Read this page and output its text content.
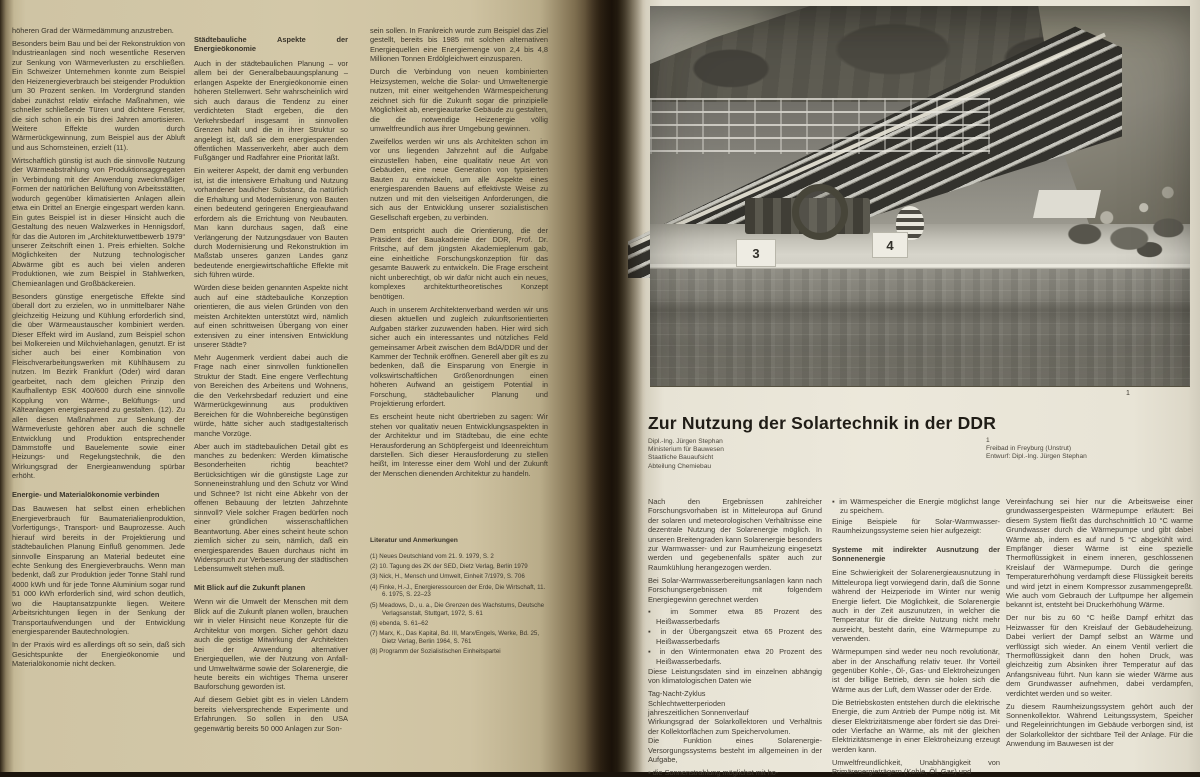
höheren Grad der Wärmedämmung anzustreben.

Besonders beim Bau und bei der Rekonstruktion von Industrieanlagen sind noch wesentliche Reserven zur Senkung von Wärmeverlusten zu erschließen. Ein Schweizer Unternehmen konnte zum Beispiel den Heizenergieverbrauch bei steigender Produktion um 30 Prozent senken. Im Vordergrund standen dabei zunächst relativ einfache Maßnahmen, wie schneller schließende Türen und dichtere Fenster, die sich schon in ein bis drei Jahren amortisieren. Weitere Effekte wurden durch Wärmerückgewinnung, zum Beispiel aus der Abluft und aus Schornsteinen, erzielt (11).

Wirtschaftlich günstig ist auch die sinnvolle Nutzung der Wärmeabstrahlung von Produktionsaggregaten in Verbindung mit der Anwendung zweckmäßiger Formen der natürlichen Belüftung von Arbeitsstätten, wodurch gegenüber klimatisierten Anlagen allein etwa ein Drittel an Energie eingespart werden kann. Ein gutes Beispiel ist in dieser Hinsicht auch die Gestaltung des neuen Walzwerkes in Hennigsdorf, für das die Autoren im „Architekturwettbewerb 1979“ unserer Zeitschrift einen 1. Preis erhielten. Solche Möglichkeiten der Nutzung technologischer Abwärme gibt es auch bei vielen anderen Produktionen, wie zum Beispiel in Stahlwerken, Chemieanlagen und Großbäckereien.

Besonders günstige energetische Effekte sind überall dort zu erzielen, wo in unmittelbarer Nähe gleichzeitig Heizung und Kühlung erforderlich sind, die über Wärmeaustauscher kombiniert werden. Dieser Effekt wird im Ausland, zum Beispiel schon bei Molkereien und Milchviehanlagen, genutzt. Er ist sicher auch bei einer Kombination von Fleischverarbeitungswerken mit Kühlhäusern zu nutzen. Im Bezirk Frankfurt (Oder) wird daran gearbeitet, nach dem gleichen Prinzip den Kaufhallentyp ESK 400/600 durch eine sinnvolle Kopplung von Wärme-, Belüftungs- und Kälteanlagen energiesparend zu gestalten. (12). Zu allen diesen Maßnahmen zur Senkung der Wärmeverluste gehören aber auch die schnelle Entwicklung und Produktion entsprechender Dämmstoffe und Bauelemente sowie einer Heizungs- und Regelungstechnik, die den Wirkungsgrad der Energieanwendung spürbar erhöht.

Energie- und Materialökonomie verbinden

Das Bauwesen hat selbst einen erheblichen Energieverbrauch für Baumaterialienproduktion, Vorfertigungs-, Transport- und Bauprozesse. Auch hierauf wird bereits in der Projektierung und städtebaulichen Planung Einfluß genommen. Jede sinnvolle Einsparung an Material bedeutet eine echte Senkung des Energieverbrauchs. Wenn man bedenkt, daß zur Produktion jeder Tonne Stahl rund 4000 kWh und für jede Tonne Aluminium sogar rund 51 000 kWh erforderlich sind, wird schon deutlich, wo die Hauptansatzpunkte liegen. Weitere Arbeitsrichtungen liegen in der Senkung der Transportaufwendungen und der Entwicklung energiesparender Bautechnologien.

In der Praxis wird es allerdings oft so sein, daß sich Gesichtspunkte der Energieökonomie und Materialökonomie nicht decken.

Städtebauliche Aspekte der Energieökonomie

Auch in der städtebaulichen Planung – vor allem bei der Generalbebauungsplanung – erlangen Aspekte der Energieökonomie einen höheren Stellenwert. Sehr wahrscheinlich wird sich auch daraus die Tendenz zu einer verdichteten Stadt ergeben, die den Verkehrsbedarf insgesamt in sinnvollen Grenzen hält und die in ihrer Struktur so angelegt ist, daß sie dem energiesparenden öffentlichen Massenverkehr, aber auch dem Fußgänger und Radfahrer eine Priorität läßt.

Ein weiterer Aspekt, der damit eng verbunden ist, ist die intensivere Erhaltung und Nutzung vorhandener baulicher Substanz, da natürlich die Erhaltung und Modernisierung von Bauten einen bedeutend geringeren Energieaufwand erfordern als die Errichtung von Neubauten. Man kann durchaus sagen, daß eine Verlängerung der Nutzungsdauer von Bauten durch Modernisierung und Rekonstruktion im Maßstab unseres ganzen Landes ganz bedeutende energiewirtschaftliche Effekte mit sich führen würde.

Würden diese beiden genannten Aspekte nicht auch auf eine städtebauliche Konzeption orientieren, die aus vielen Gründen von den meisten Architekten unterstützt wird, nämlich auf einen schrittweisen Übergang von einer extensiven zu einer intensiven Entwicklung unserer Städte?

Mehr Augenmerk verdient dabei auch die Frage nach einer sinnvollen funktionellen Struktur der Stadt. Eine engere Verflechtung von Bereichen des Arbeitens und Wohnens, die den Verkehrsbedarf reduziert und eine Wärmerückgewinnung aus produktiven Bereichen für die Wohnbereiche begünstigen würde, hätte sicher auch stadtgestalterisch manche Vorzüge.

Aber auch im städtebaulichen Detail gibt es manches zu bedenken: Werden klimatische Besonderheiten richtig beachtet? Berücksichtigen wir die günstigste Lage zur Sonneneinstrahlung und den Schutz vor Wind und Schnee? Ist nicht eine Abkehr von der offenen Bebauung der letzten Jahrzehnte sinnvoll? Viele solcher Fragen bedürfen noch einer gründlichen wissenschaftlichen Beantwortung. Aber eines scheint heute schon ziemlich sicher zu sein, nämlich, daß ein energiesparendes Bauen durchaus nicht im Widerspruch zur Verbesserung der städtischen Lebensumwelt stehen muß.

Mit Blick auf die Zukunft planen

Wenn wir die Umwelt der Menschen mit dem Blick auf die Zukunft planen wollen, brauchen wir in vieler Hinsicht neue Konzepte für die Architektur von morgen. Sicher gehört dazu auch die geistige Mitwirkung der Architekten bei der Anwendung alternativer Energiequellen, wie der Nutzung von Anfall- und Umweltwärme sowie der Solarenergie, die heute bereits ein wichtiges Thema unserer Bauforschung geworden ist.

Auf diesem Gebiet gibt es in vielen Ländern bereits vielversprechende Experimente und Erfahrungen. So sollen in den USA gegenwärtig bereits 50 000 Anlagen zur Son-

sein sollen. In Frankreich wurde zum Beispiel das Ziel gestellt, bereits bis 1985 mit solchen alternativen Energiequellen eine Energiemenge von 2,4 bis 4,8 Millionen Tonnen Erdölgleichwert einzusparen.

Durch die Verbindung von neuen kombinierten Heizsystemen, welche die Solar- und Umweltenergie nutzen, mit einer weitgehenden Wärmespeicherung zeichnet sich für die Zukunft sogar die prinzipielle Möglichkeit ab, energieautarke Gebäude zu gestalten, die die notwendige Heizenergie völlig umweltfreundlich aus ihrer Umgebung gewinnen.

Zweifellos werden wir uns als Architekten schon im vor uns liegenden Jahrzehnt auf die Aufgabe einzustellen haben, eine qualitativ neue Art von Gebäuden, eine neue Generation von typisierten Bauten zu entwickeln, um alle Aspekte eines energiesparenden Bauens auf effektivste Weise zu nutzen und mit den vielseitigen Anforderungen, die sich aus der Entwicklung unserer sozialistischen Gesellschaft ergeben, zu verbinden.

Dem entspricht auch die Orientierung, die der Präsident der Bauakademie der DDR, Prof. Dr. Fritsche, auf dem jüngsten Akademieplenum gab, eine einheitliche Forschungskonzeption für das gesamte Bauwerk zu entwickeln. Die Frage erscheint nicht unberechtigt, ob wir dafür nicht auch ein neues, komplexes architekturtheoretisches Konzept benötigen.

Auch in unserem Architektenverband werden wir uns diesen aktuellen und zugleich zukunftsorientierten Aufgaben stärker zuzuwenden haben. Hier wird sich sicher auch ein interessantes und nützliches Feld gemeinsamer Arbeit zwischen dem BdA/DDR und der Kammer der Technik eröffnen. Generell aber gilt es zu bedenken, daß die Einsparung von Energie in volkswirtschaftlichen Größenordnungen einen höheren Aufwand an geistigem Potential in Forschung, städtebaulicher Planung und Projektierung erfordert.

Es erscheint heute nicht übertrieben zu sagen: Wir stehen vor qualitativ neuen Entwicklungsaspekten in der Architektur und im Städtebau, die eine echte Herausforderung an Schöpfergeist und Ideenreichtum darstellen. Sich dieser Herausforderung zu stellen heißt, im Interesse einer dem Wohl und der Zukunft der Menschen dienenden Architektur zu handeln.

Literatur und Anmerkungen

(1) Neues Deutschland vom 21. 9. 1979, S. 2

(2) 10. Tagung des ZK der SED, Dietz Verlag, Berlin 1979

(3) Nick, H., Mensch und Umwelt, Einheit 7/1979, S. 706

(4) Finke, H.-J., Energieressourcen der Erde, Die Wirtschaft, 11. 6. 1975, S. 22–23

(5) Meadows, D., u. a., Die Grenzen des Wachstums, Deutsche Verlagsanstalt, Stuttgart, 1972, S. 61

(6) ebenda, S. 61–62

(7) Marx, K., Das Kapital, Bd. III, Marx/Engels, Werke, Bd. 25, Dietz Verlag, Berlin 1964, S. 761

(8) Programm der Sozialistischen Einheitspartei

3
4
1
Zur Nutzung der Solartechnik in der DDR

Dipl.-Ing. Jürgen Stephan

Ministerium für Bauwesen

Staatliche Bauaufsicht

Abteilung Chemiebau

1

Freibad in Freyburg (Unstrut)

Entwurf: Dipl.-Ing. Jürgen Stephan

Nach den Ergebnissen zahlreicher Forschungsvorhaben ist in Mitteleuropa auf Grund der solaren und meteorologischen Verhältnisse eine dezentrale Nutzung der Solarenergie möglich. In unseren Breitengraden kann Solarenergie besonders zur Warmwasser- und zur Raumheizung eingesetzt werden und gegebenenfalls später auch zur Raumkühlung herangezogen werden.

Bei Solar-Warmwasserbereitungsanlagen kann nach Forschungsergebnissen mit folgendem Energiegewinn gerechnet werden

▪ im Sommer etwa 85 Prozent des Heißwasserbedarfs

▪ in der Übergangszeit etwa 65 Prozent des Heißwasserbedarfs

▪ in den Wintermonaten etwa 20 Prozent des Heißwasserbedarfs.

Diese Leistungsdaten sind im einzelnen abhängig von klimatologischen Daten wie

Tag-Nacht-Zyklus

Schlechtwetterperioden

jahreszeitlichen Sonnenverlauf

Wirkungsgrad der Solarkollektoren und Verhältnis der Kollektorflächen zum Speichervolumen.

Die Funktion eines Solarenergie-Versorgungssystems besteht im allgemeinen in der Aufgabe,

▪ die Sonnenstrahlung möglichst mit ho-

▪ im Wärmespeicher die Energie möglichst lange zu speichern.

Einige Beispiele für Solar-Warmwasser-Raumheizungssysteme seien hier aufgezeigt:

Systeme mit indirekter Ausnutzung der Sonnenenergie

Eine Schwierigkeit der Solarenergieausnutzung in Mitteleuropa liegt vorwiegend darin, daß die Sonne während der Heizperiode im Winter nur wenig Energie liefert. Die Möglichkeit, die Solarenergie auch in der Zeit auszunutzen, in welcher die Temperatur für die direkte Nutzung nicht mehr ausreicht, besteht darin, eine Wärmepumpe zu verwenden.

Wärmepumpen sind weder neu noch revolutionär, aber in der Anschaffung relativ teuer. Ihr Vorteil gegenüber Kohle-, Öl-, Gas- und Elektroheizungen ist der billige Betrieb, denn sie holen sich die Wärme aus der Luft, dem Wasser oder der Erde.

Die Betriebskosten entstehen durch die elektrische Energie, die zum Antrieb der Pumpe nötig ist. Mit dieser Elektrizitätsmenge aber fördert sie das Drei- oder Vierfache an Wärme, als mit der gleichen Elektrizitätsmenge in einer Elektroheizung erzeugt werden kann.

Umweltfreundlichkeit, Unabhängigkeit von Primärenergieträgern (Kohle, Öl, Gas) und

Vereinfachung sei hier nur die Arbeitsweise einer grundwassergespeisten Wärmepumpe erläutert: Bei diesem System fließt das durchschnittlich 10 °C warme Grundwasser durch die Wärmepumpe und gibt dabei Wärme ab, indem es auf rund 5 °C abgekühlt wird. Empfänger dieser Wärme ist eine spezielle Thermoflüssigkeit in einem inneren, geschlossenen Kreislauf der Wärmepumpe. Durch die geringe Temperaturerhöhung verdampft diese Flüssigkeit bereits und wird jetzt in einem Kompressor zusammengepreßt. Wie auch vom Gebrauch der Luftpumpe her allgemein bekannt ist, entsteht bei Druckerhöhung Wärme.

Der nur bis zu 60 °C heiße Dampf erhitzt das Heizwasser für den Kreislauf der Gebäudeheizung. Dabei verliert der Dampf selbst an Wärme und verflüssigt sich wieder. An einem Ventil verliert die Thermoflüssigkeit dann den hohen Druck, was gleichzeitig zum Absinken ihrer Temperatur auf das Anfangsniveau führt. Nun kann sie wieder Wärme aus dem Grundwasser aufnehmen, dabei verdampfen, verdichtet werden und so weiter.

Zu diesem Raumheizungssystem gehört auch der Sonnenkollektor. Während Leitungssystem, Speicher und Regeleinrichtungen im Gebäude verborgen sind, ist der Solarkollektor der sichtbare Teil der Anlage. Für die Anwendung im Bauwesen ist der
